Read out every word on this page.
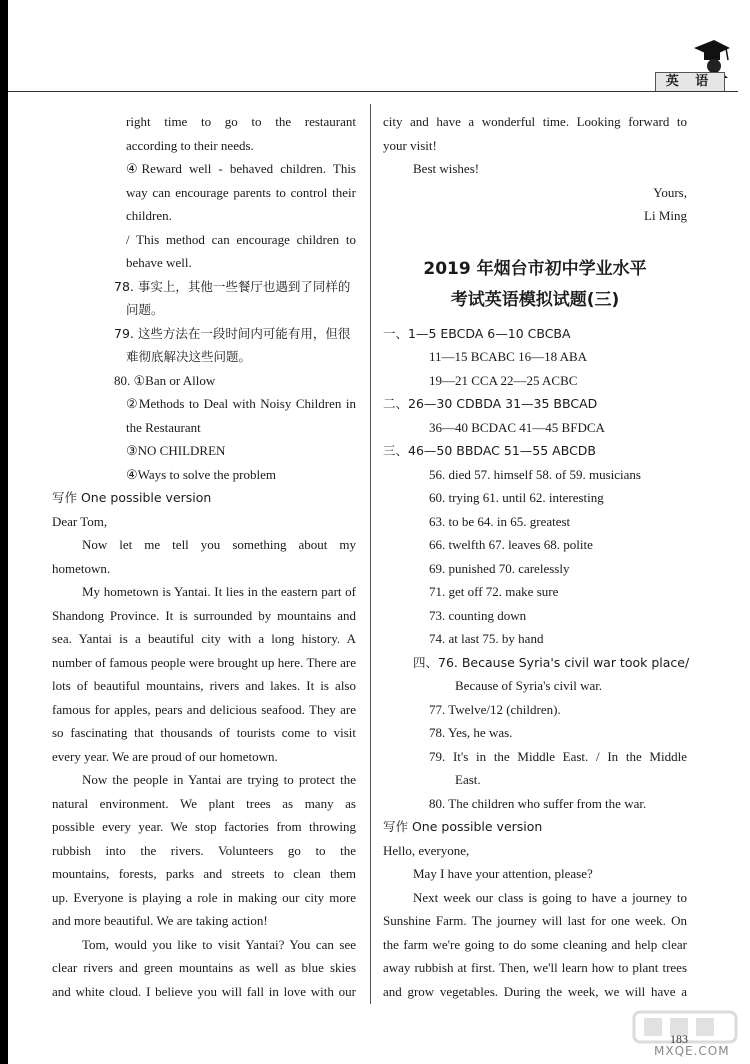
英 语
right time to go to the restaurant
according to their needs.
④Reward well - behaved children. This
way can encourage parents to control their
children.
/ This method can encourage children to
behave well.
78. 事实上，其他一些餐厅也遇到了同样的
问题。
79. 这些方法在一段时间内可能有用，但很
难彻底解决这些问题。
80. ①Ban or Allow
②Methods to Deal with Noisy Children in
the Restaurant
③NO CHILDREN
④Ways to solve the problem
写作 One possible version
Dear Tom,
Now let me tell you something about my
hometown.
My hometown is Yantai. It lies in the eastern part of
Shandong Province. It is surrounded by mountains and
sea. Yantai is a beautiful city with a long history. A
number of famous people were brought up here. There are
lots of beautiful mountains, rivers and lakes. It is also
famous for apples, pears and delicious seafood. They are
so fascinating that thousands of tourists come to visit
every year. We are proud of our hometown.
Now the people in Yantai are trying to protect the
natural environment. We plant trees as many as
possible every year. We stop factories from throwing
rubbish into the rivers. Volunteers go to the
mountains, forests, parks and streets to clean them
up. Everyone is playing a role in making our city more
and more beautiful. We are taking action!
Tom, would you like to visit Yantai? You can see
clear rivers and green mountains as well as blue skies
and white cloud. I believe you will fall in love with our
city and have a wonderful time. Looking forward to
your visit!
Best wishes!
Yours,
Li Ming
2019 年烟台市初中学业水平
考试英语模拟试题(三)
一、1—5 EBCDA 6—10 CBCBA
11—15 BCABC 16—18 ABA
19—21 CCA 22—25 ACBC
二、26—30 CDBDA 31—35 BBCAD
36—40 BCDAC 41—45 BFDCA
三、46—50 BBDAC 51—55 ABCDB
56. died 57. himself 58. of 59. musicians
60. trying 61. until 62. interesting
63. to be 64. in 65. greatest
66. twelfth 67. leaves 68. polite
69. punished 70. carelessly
71. get off 72. make sure
73. counting down
74. at last 75. by hand
四、76. Because Syria's civil war took place/
Because of Syria's civil war.
77. Twelve/12 (children).
78. Yes, he was.
79. It's in the Middle East. / In the Middle
East.
80. The children who suffer from the war.
写作 One possible version
Hello, everyone,
May I have your attention, please?
Next week our class is going to have a journey to
Sunshine Farm. The journey will last for one week. On
the farm we're going to do some cleaning and help clear
away rubbish at first. Then, we'll learn how to plant trees
and grow vegetables. During the week, we will have a
183
MXQE.COM
